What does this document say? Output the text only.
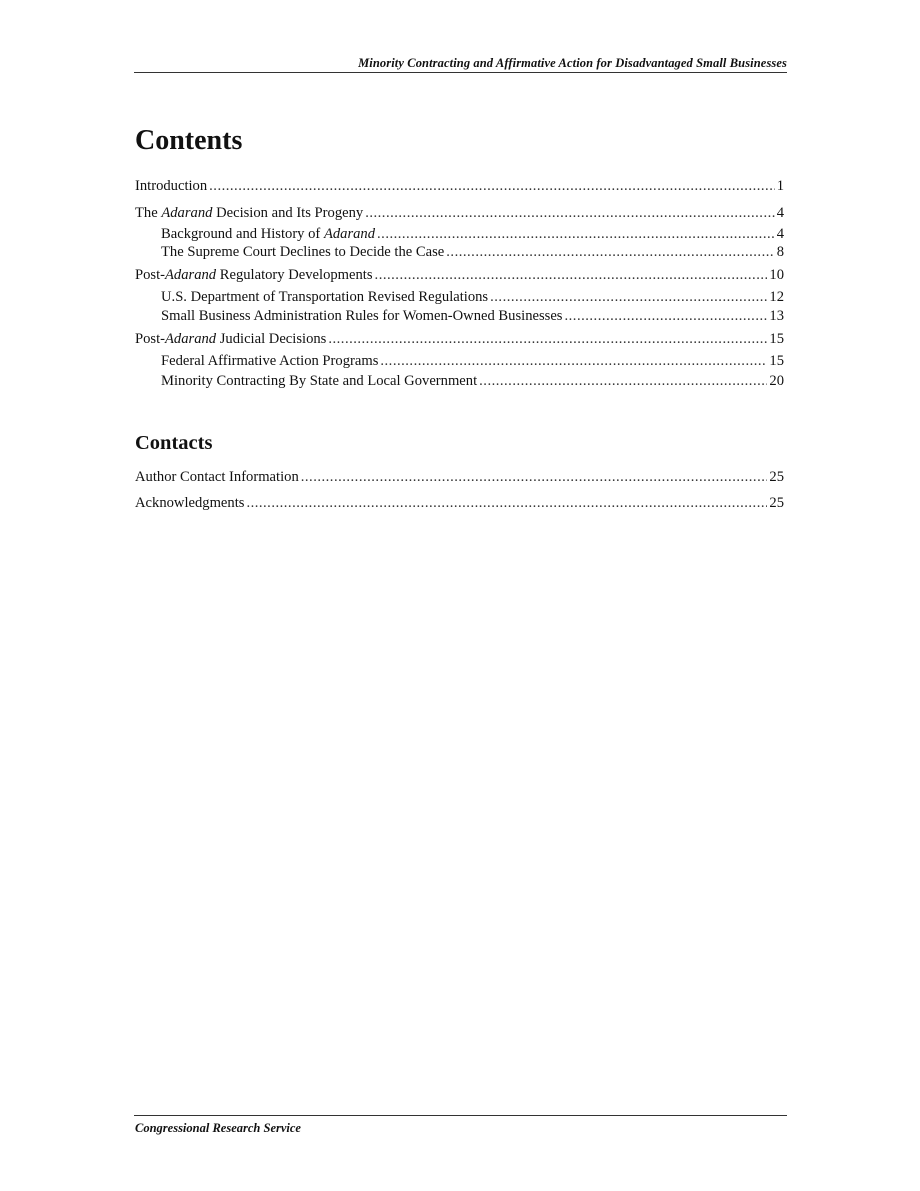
Minority Contracting and Affirmative Action for Disadvantaged Small Businesses
Contents
Introduction .....	1
The Adarand Decision and Its Progeny .....	4
Background and History of Adarand .....	4
The Supreme Court Declines to Decide the Case .....	8
Post-Adarand Regulatory Developments .....	10
U.S. Department of Transportation Revised Regulations .....	12
Small Business Administration Rules for Women-Owned Businesses .....	13
Post-Adarand Judicial Decisions .....	15
Federal Affirmative Action Programs .....	15
Minority Contracting By State and Local Government .....	20
Contacts
Author Contact Information .....	25
Acknowledgments .....	25
Congressional Research Service
